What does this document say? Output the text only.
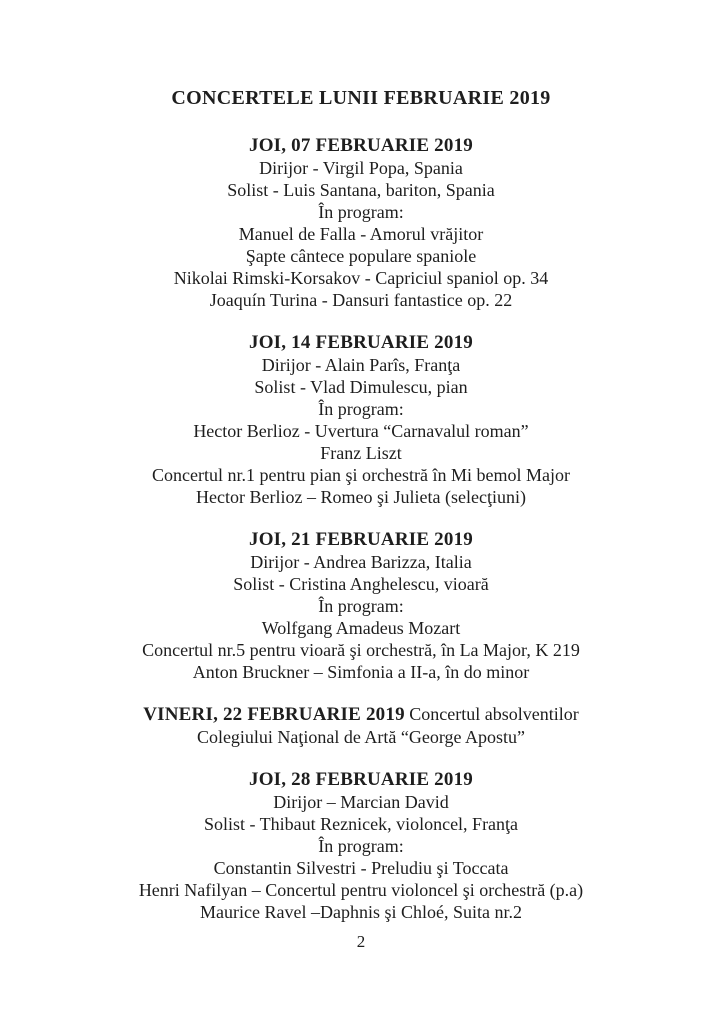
CONCERTELE LUNII FEBRUARIE 2019

JOI, 07 FEBRUARIE 2019

Dirijor - Virgil Popa, Spania

Solist - Luis Santana, bariton, Spania

În program:

Manuel de Falla - Amorul vrăjitor

Şapte cântece populare spaniole

Nikolai Rimski-Korsakov - Capriciul spaniol op. 34

Joaquín Turina - Dansuri fantastice op. 22

JOI, 14 FEBRUARIE 2019

Dirijor - Alain Parîs, Franţa

Solist - Vlad Dimulescu, pian

În program:

Hector Berlioz - Uvertura “Carnavalul roman”

Franz Liszt

Concertul nr.1 pentru pian şi orchestră în Mi bemol Major

Hector Berlioz – Romeo şi Julieta (selecţiuni)

JOI, 21 FEBRUARIE 2019

Dirijor - Andrea Barizza, Italia

Solist - Cristina Anghelescu, vioară

În program:

Wolfgang Amadeus Mozart

Concertul nr.5 pentru vioară şi orchestră, în La Major, K 219

Anton Bruckner – Simfonia a II-a, în do minor

VINERI, 22 FEBRUARIE 2019 Concertul absolventilor

Colegiului Naţional de Artă “George Apostu”

JOI, 28 FEBRUARIE 2019

Dirijor – Marcian David

Solist - Thibaut Reznicek, violoncel, Franţa

În program:

Constantin Silvestri - Preludiu şi Toccata

Henri Nafilyan – Concertul pentru violoncel şi orchestră (p.a)

Maurice Ravel –Daphnis şi Chloé, Suita nr.2

2
